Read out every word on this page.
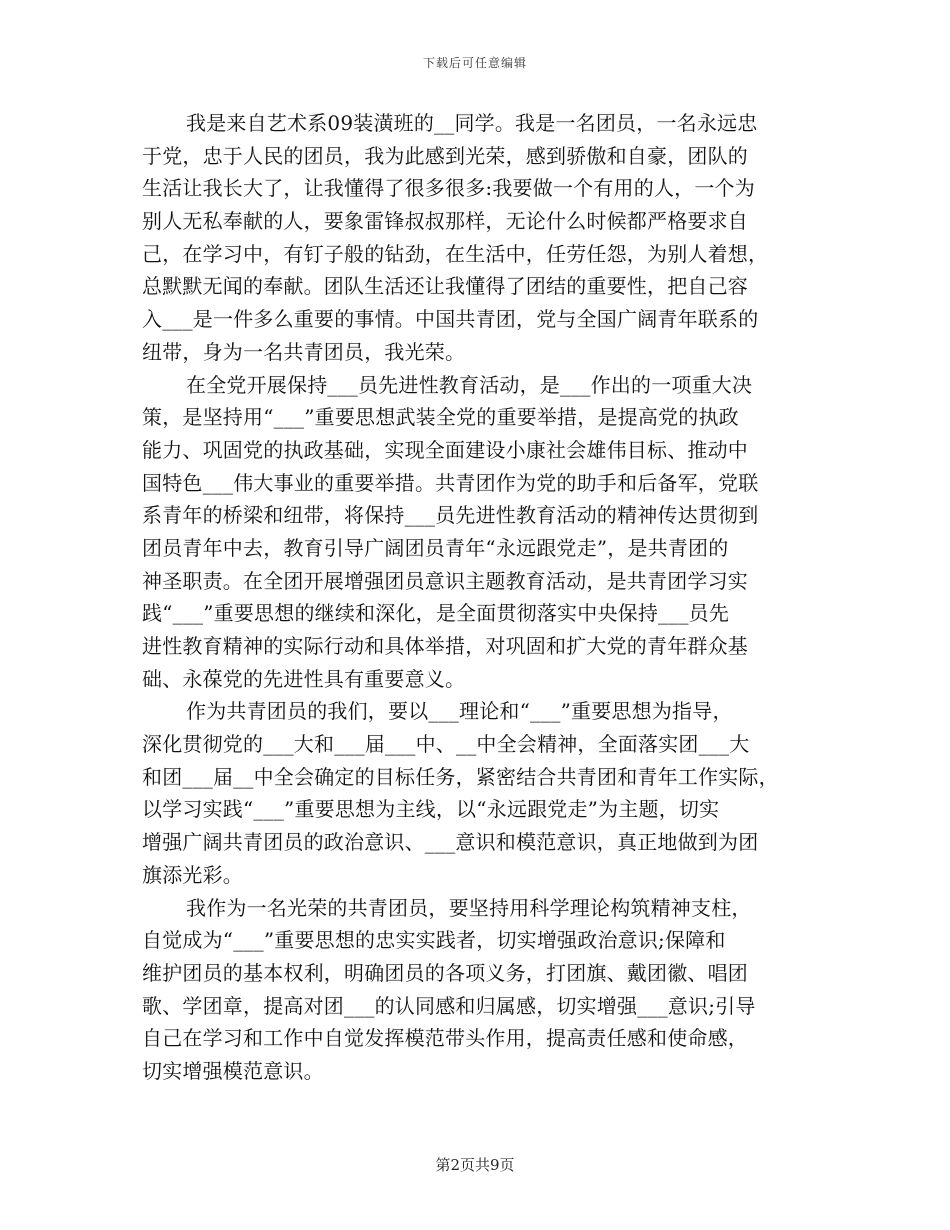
下载后可任意编辑
我是来自艺术系09装潢班的__同学。我是一名团员，一名永远忠
于党，忠于人民的团员，我为此感到光荣，感到骄傲和自豪，团队的
生活让我长大了，让我懂得了很多很多:我要做一个有用的人，一个为
别人无私奉献的人，要象雷锋叔叔那样，无论什么时候都严格要求自
己，在学习中，有钉子般的钻劲，在生活中，任劳任怨，为别人着想，
总默默无闻的奉献。团队生活还让我懂得了团结的重要性，把自己容
入___是一件多么重要的事情。中国共青团，党与全国广阔青年联系的
纽带，身为一名共青团员，我光荣。
在全党开展保持___员先进性教育活动，是___作出的一项重大决
策，是坚持用“___”重要思想武装全党的重要举措，是提高党的执政
能力、巩固党的执政基础，实现全面建设小康社会雄伟目标、推动中
国特色___伟大事业的重要举措。共青团作为党的助手和后备军，党联
系青年的桥梁和纽带，将保持___员先进性教育活动的精神传达贯彻到
团员青年中去，教育引导广阔团员青年“永远跟党走”，是共青团的
神圣职责。在全团开展增强团员意识主题教育活动，是共青团学习实
践“___”重要思想的继续和深化，是全面贯彻落实中央保持___员先
进性教育精神的实际行动和具体举措，对巩固和扩大党的青年群众基
础、永葆党的先进性具有重要意义。
作为共青团员的我们，要以___理论和“___”重要思想为指导，
深化贯彻党的___大和___届___中、__中全会精神，全面落实团___大
和团___届__中全会确定的目标任务，紧密结合共青团和青年工作实际，
以学习实践“___”重要思想为主线，以“永远跟党走”为主题，切实
增强广阔共青团员的政治意识、___意识和模范意识，真正地做到为团
旗添光彩。
我作为一名光荣的共青团员，要坚持用科学理论构筑精神支柱，
自觉成为“___”重要思想的忠实实践者，切实增强政治意识;保障和
维护团员的基本权利，明确团员的各项义务，打团旗、戴团徽、唱团
歌、学团章，提高对团___的认同感和归属感，切实增强___意识;引导
自己在学习和工作中自觉发挥模范带头作用，提高责任感和使命感，
切实增强模范意识。
第2页共9页
